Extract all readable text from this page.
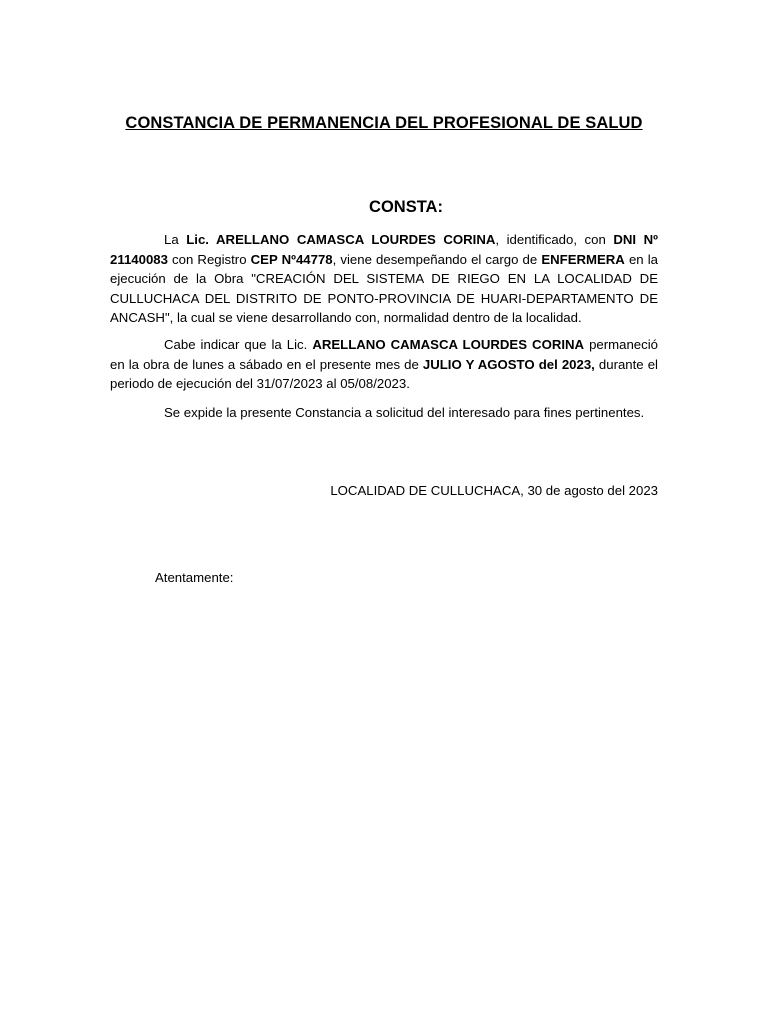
CONSTANCIA DE PERMANENCIA DEL PROFESIONAL DE SALUD
CONSTA:
La Lic. ARELLANO CAMASCA LOURDES CORINA, identificado, con DNI Nº 21140083 con Registro CEP Nº44778, viene desempeñando el cargo de ENFERMERA en la ejecución de la Obra "CREACIÓN DEL SISTEMA DE RIEGO EN LA LOCALIDAD DE CULLUCHACA DEL DISTRITO DE PONTO-PROVINCIA DE HUARI-DEPARTAMENTO DE ANCASH", la cual se viene desarrollando con, normalidad dentro de la localidad.
Cabe indicar que la Lic. ARELLANO CAMASCA LOURDES CORINA permaneció en la obra de lunes a sábado en el presente mes de JULIO Y AGOSTO del 2023, durante el periodo de ejecución del 31/07/2023 al 05/08/2023.
Se expide la presente Constancia a solicitud del interesado para fines pertinentes.
LOCALIDAD DE CULLUCHACA, 30 de agosto del 2023
Atentamente:
